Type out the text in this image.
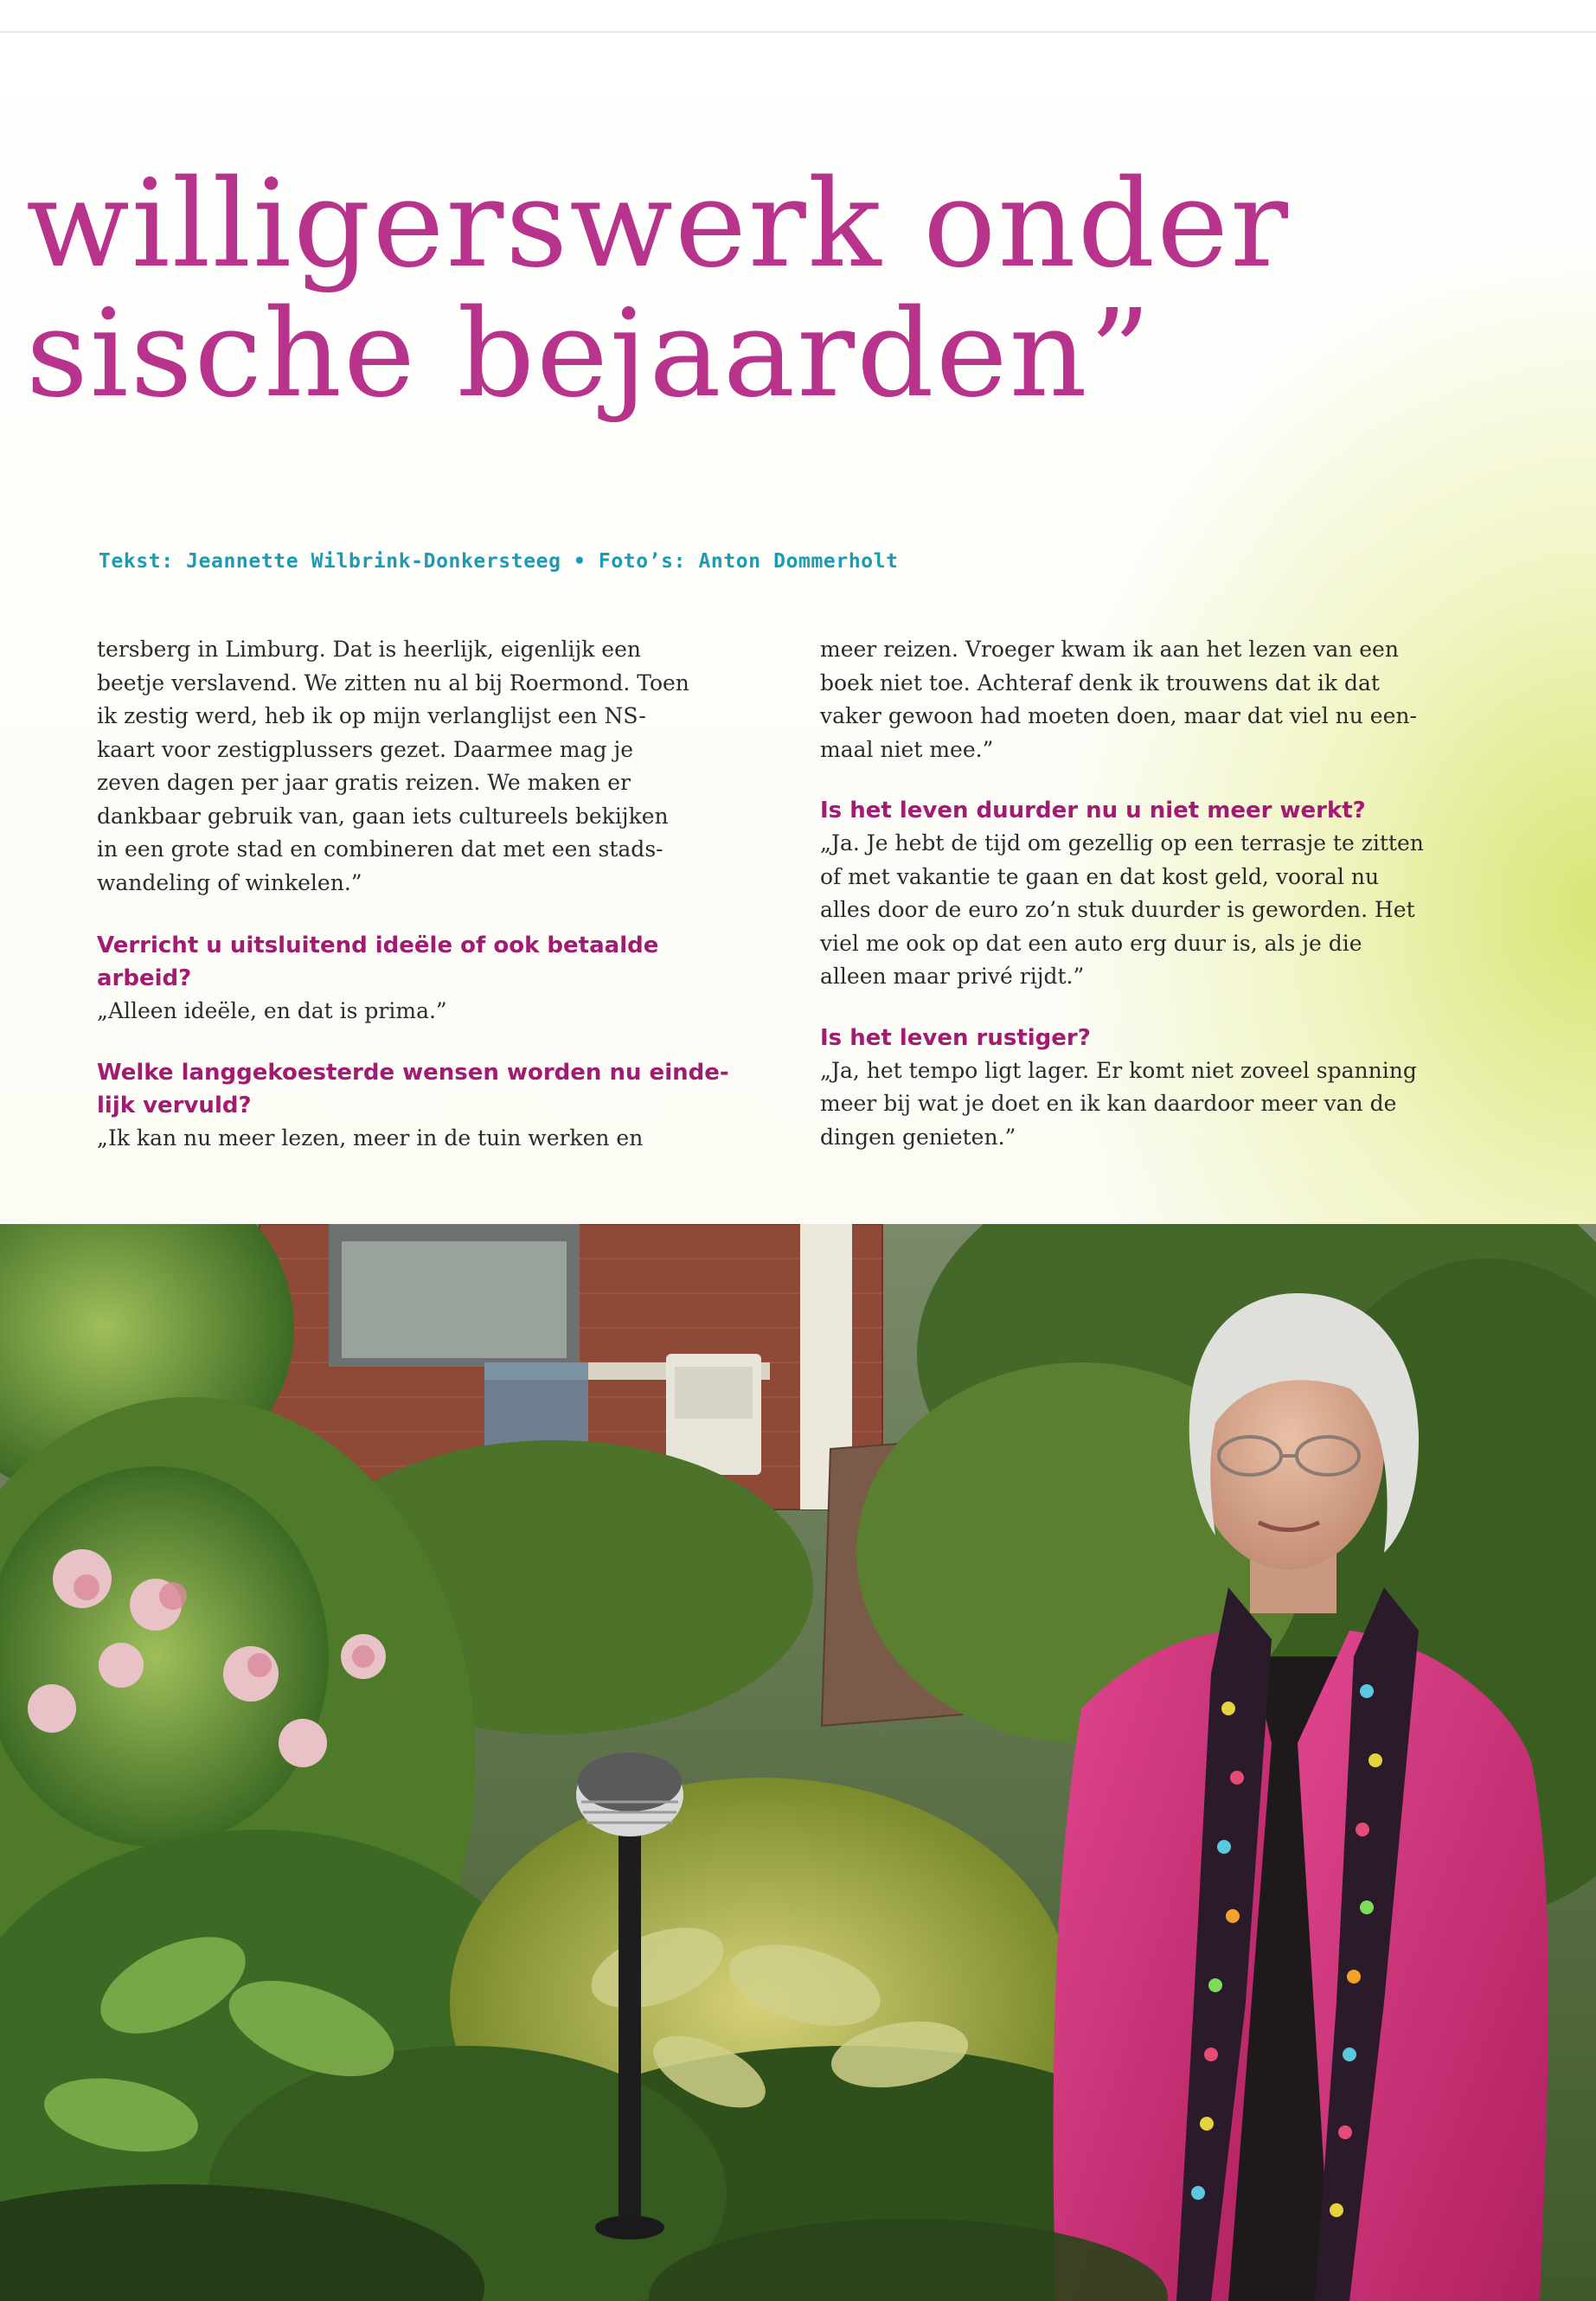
willigerswerk onder
sische bejaarden”
Tekst: Jeannette Wilbrink-Donkersteeg • Foto’s: Anton Dommerholt

tersberg in Limburg. Dat is heerlijk, eigenlijk een
beetje verslavend. We zitten nu al bij Roermond. Toen
ik zestig werd, heb ik op mijn verlanglijst een NS-
kaart voor zestigplussers gezet. Daarmee mag je
zeven dagen per jaar gratis reizen. We maken er
dankbaar gebruik van, gaan iets cultureels bekijken
in een grote stad en combineren dat met een stads-
wandeling of winkelen.”

Verricht u uitsluitend ideële of ook betaalde
arbeid?

„Alleen ideële, en dat is prima.”

Welke langgekoesterde wensen worden nu einde-
lijk vervuld?

„Ik kan nu meer lezen, meer in de tuin werken en

meer reizen. Vroeger kwam ik aan het lezen van een
boek niet toe. Achteraf denk ik trouwens dat ik dat
vaker gewoon had moeten doen, maar dat viel nu een-
maal niet mee.”

Is het leven duurder nu u niet meer werkt?

„Ja. Je hebt de tijd om gezellig op een terrasje te zitten
of met vakantie te gaan en dat kost geld, vooral nu
alles door de euro zo’n stuk duurder is geworden. Het
viel me ook op dat een auto erg duur is, als je die
alleen maar privé rijdt.”

Is het leven rustiger?

„Ja, het tempo ligt lager. Er komt niet zoveel spanning
meer bij wat je doet en ik kan daardoor meer van de
dingen genieten.”
